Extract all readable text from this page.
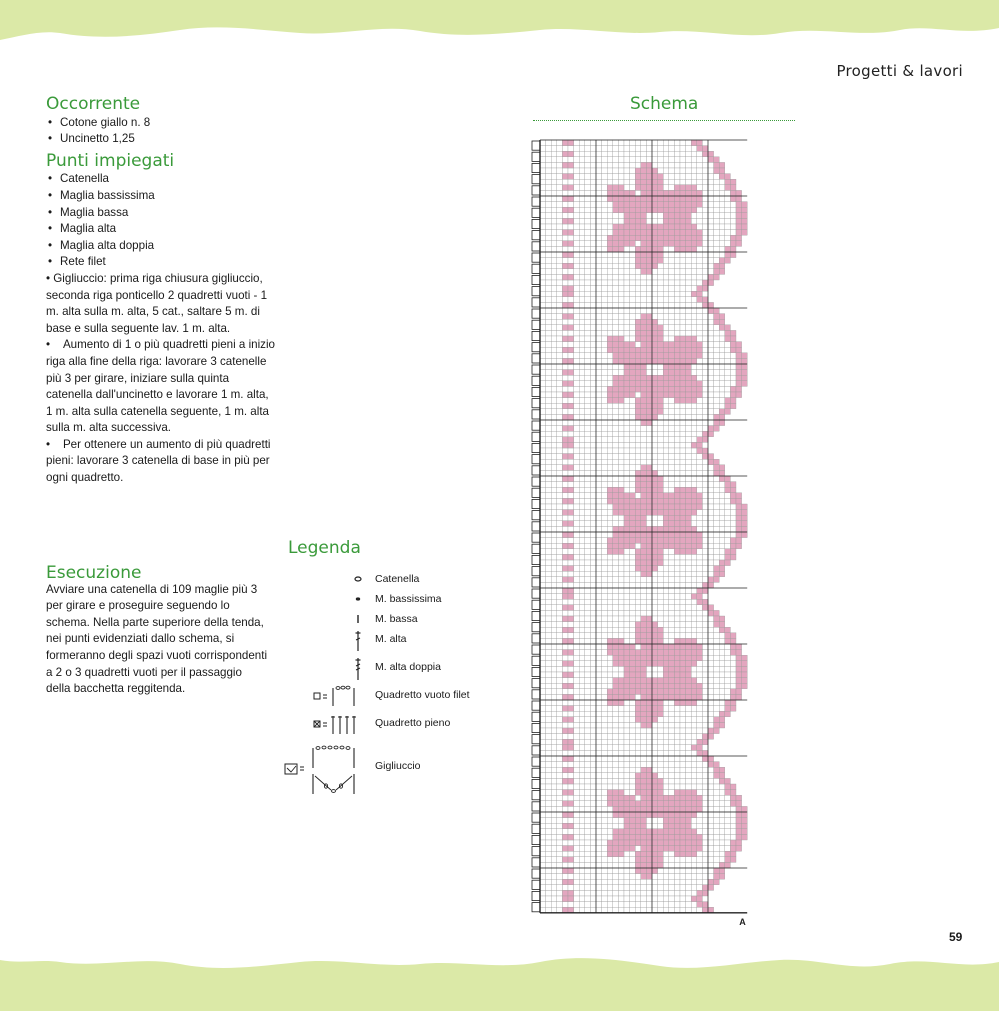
Progetti & lavori
Occorrente
• Cotone giallo n. 8
• Uncinetto 1,25
Punti impiegati
• Catenella
• Maglia bassissima
• Maglia bassa
• Maglia alta
• Maglia alta doppia
• Rete filet

• Gigliuccio: prima riga chiusura gigliuccio, seconda riga ponticello 2 quadretti vuoti - 1 m. alta sulla m. alta, 5 cat., saltare 5 m. di base e sulla seguente lav. 1 m. alta.

•    Aumento di 1 o più quadretti pieni a inizio riga alla fine della riga: lavorare 3 catenelle più 3 per girare, iniziare sulla quinta catenella dall'uncinetto e lavorare 1 m. alta, 1 m. alta sulla catenella seguente, 1 m. alta sulla m. alta successiva.

•    Per ottenere un aumento di più quadretti pieni: lavorare 3 catenella di base in più per ogni quadretto.

Esecuzione

Avviare una catenella di 109 maglie più 3 per girare e proseguire seguendo lo schema. Nella parte superiore della tenda, nei punti evidenziati dallo schema, si formeranno degli spazi vuoti corrispondenti a 2 o 3 quadretti vuoti per il passaggio della bacchetta reggitenda.

Legenda
Catenella
M. bassissima
M. bassa
M. alta
M. alta doppia
Quadretto vuoto filet
Quadretto pieno
Gigliuccio
Schema
A
59
